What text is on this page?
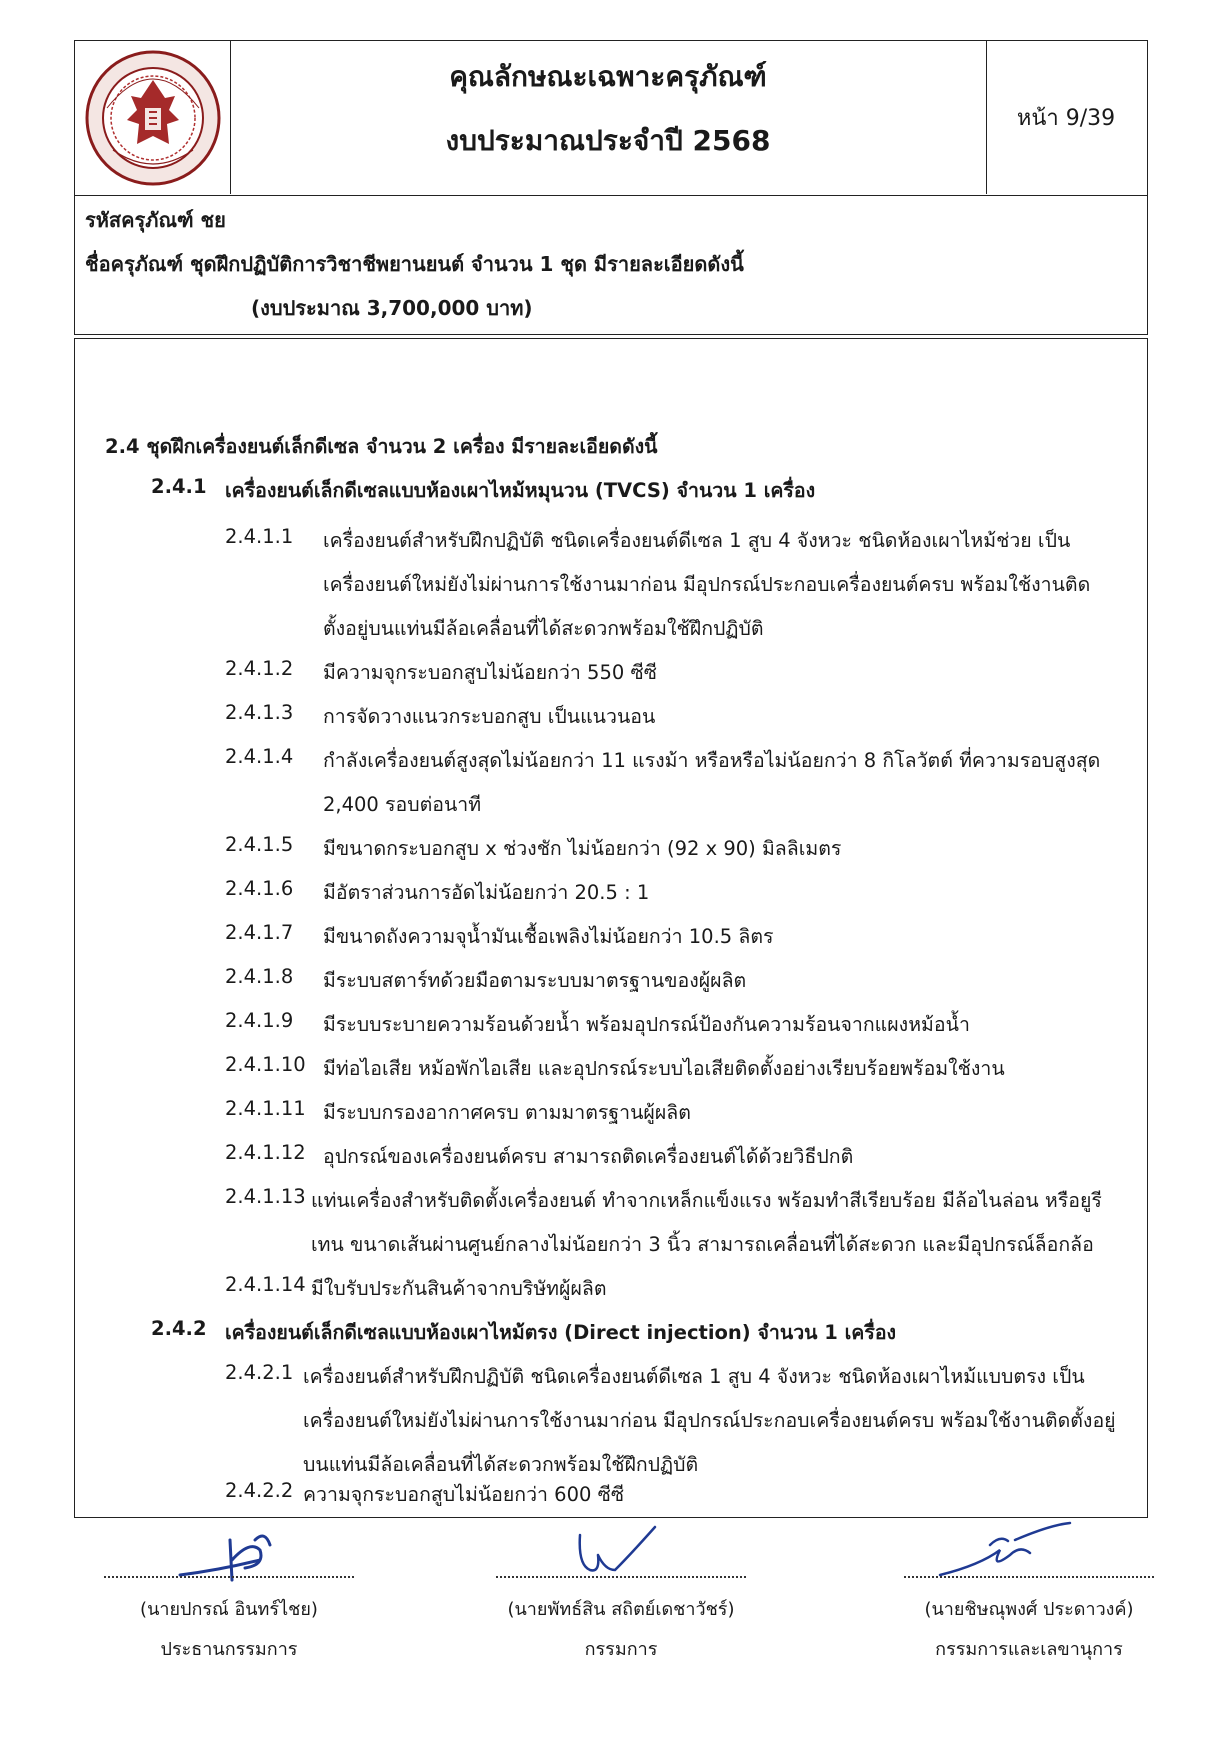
คุณลักษณะเฉพาะครุภัณฑ์
งบประมาณประจำปี 2568
หน้า 9/39
รหัสครุภัณฑ์ ชย
ชื่อครุภัณฑ์ ชุดฝึกปฏิบัติการวิชาชีพยานยนต์ จำนวน 1 ชุด มีรายละเอียดดังนี้
(งบประมาณ 3,700,000 บาท)
2.4 ชุดฝึกเครื่องยนต์เล็กดีเซล จำนวน 2 เครื่อง มีรายละเอียดดังนี้
2.4.1 เครื่องยนต์เล็กดีเซลแบบห้องเผาไหม้หมุนวน (TVCS) จำนวน 1 เครื่อง
2.4.1.1 เครื่องยนต์สำหรับฝึกปฏิบัติ ชนิดเครื่องยนต์ดีเซล 1 สูบ 4 จังหวะ ชนิดห้องเผาไหม้ช่วย เป็น
เครื่องยนต์ใหม่ยังไม่ผ่านการใช้งานมาก่อน มีอุปกรณ์ประกอบเครื่องยนต์ครบ พร้อมใช้งานติด
ตั้งอยู่บนแท่นมีล้อเคลื่อนที่ได้สะดวกพร้อมใช้ฝึกปฏิบัติ
2.4.1.2 มีความจุกระบอกสูบไม่น้อยกว่า 550 ซีซี
2.4.1.3 การจัดวางแนวกระบอกสูบ เป็นแนวนอน
2.4.1.4 กำลังเครื่องยนต์สูงสุดไม่น้อยกว่า 11 แรงม้า หรือหรือไม่น้อยกว่า 8 กิโลวัตต์ ที่ความรอบสูงสุด
2,400 รอบต่อนาที
2.4.1.5 มีขนาดกระบอกสูบ x ช่วงชัก ไม่น้อยกว่า (92 x 90) มิลลิเมตร
2.4.1.6 มีอัตราส่วนการอัดไม่น้อยกว่า 20.5 : 1
2.4.1.7 มีขนาดถังความจุน้ำมันเชื้อเพลิงไม่น้อยกว่า 10.5 ลิตร
2.4.1.8 มีระบบสตาร์ทด้วยมือตามระบบมาตรฐานของผู้ผลิต
2.4.1.9 มีระบบระบายความร้อนด้วยน้ำ พร้อมอุปกรณ์ป้องกันความร้อนจากแผงหม้อน้ำ
2.4.1.10 มีท่อไอเสีย หม้อพักไอเสีย และอุปกรณ์ระบบไอเสียติดตั้งอย่างเรียบร้อยพร้อมใช้งาน
2.4.1.11 มีระบบกรองอากาศครบ ตามมาตรฐานผู้ผลิต
2.4.1.12 อุปกรณ์ของเครื่องยนต์ครบ สามารถติดเครื่องยนต์ได้ด้วยวิธีปกติ
2.4.1.13 แท่นเครื่องสำหรับติดตั้งเครื่องยนต์ ทำจากเหล็กแข็งแรง พร้อมทำสีเรียบร้อย มีล้อไนล่อน หรือยูรี
เทน ขนาดเส้นผ่านศูนย์กลางไม่น้อยกว่า 3 นิ้ว สามารถเคลื่อนที่ได้สะดวก และมีอุปกรณ์ล็อกล้อ
2.4.1.14 มีใบรับประกันสินค้าจากบริษัทผู้ผลิต
2.4.2 เครื่องยนต์เล็กดีเซลแบบห้องเผาไหม้ตรง (Direct injection) จำนวน 1 เครื่อง
2.4.2.1 เครื่องยนต์สำหรับฝึกปฏิบัติ ชนิดเครื่องยนต์ดีเซล 1 สูบ 4 จังหวะ ชนิดห้องเผาไหม้แบบตรง เป็น
เครื่องยนต์ใหม่ยังไม่ผ่านการใช้งานมาก่อน มีอุปกรณ์ประกอบเครื่องยนต์ครบ พร้อมใช้งานติดตั้งอยู่
บนแท่นมีล้อเคลื่อนที่ได้สะดวกพร้อมใช้ฝึกปฏิบัติ
2.4.2.2 ความจุกระบอกสูบไม่น้อยกว่า 600 ซีซี
(นายปกรณ์ อินทร์ไชย)
ประธานกรรมการ
(นายพัทธ์สิน สถิตย์เดชาวัชร์)
กรรมการ
(นายชิษณุพงศ์ ประดาวงค์)
กรรมการและเลขานุการ
